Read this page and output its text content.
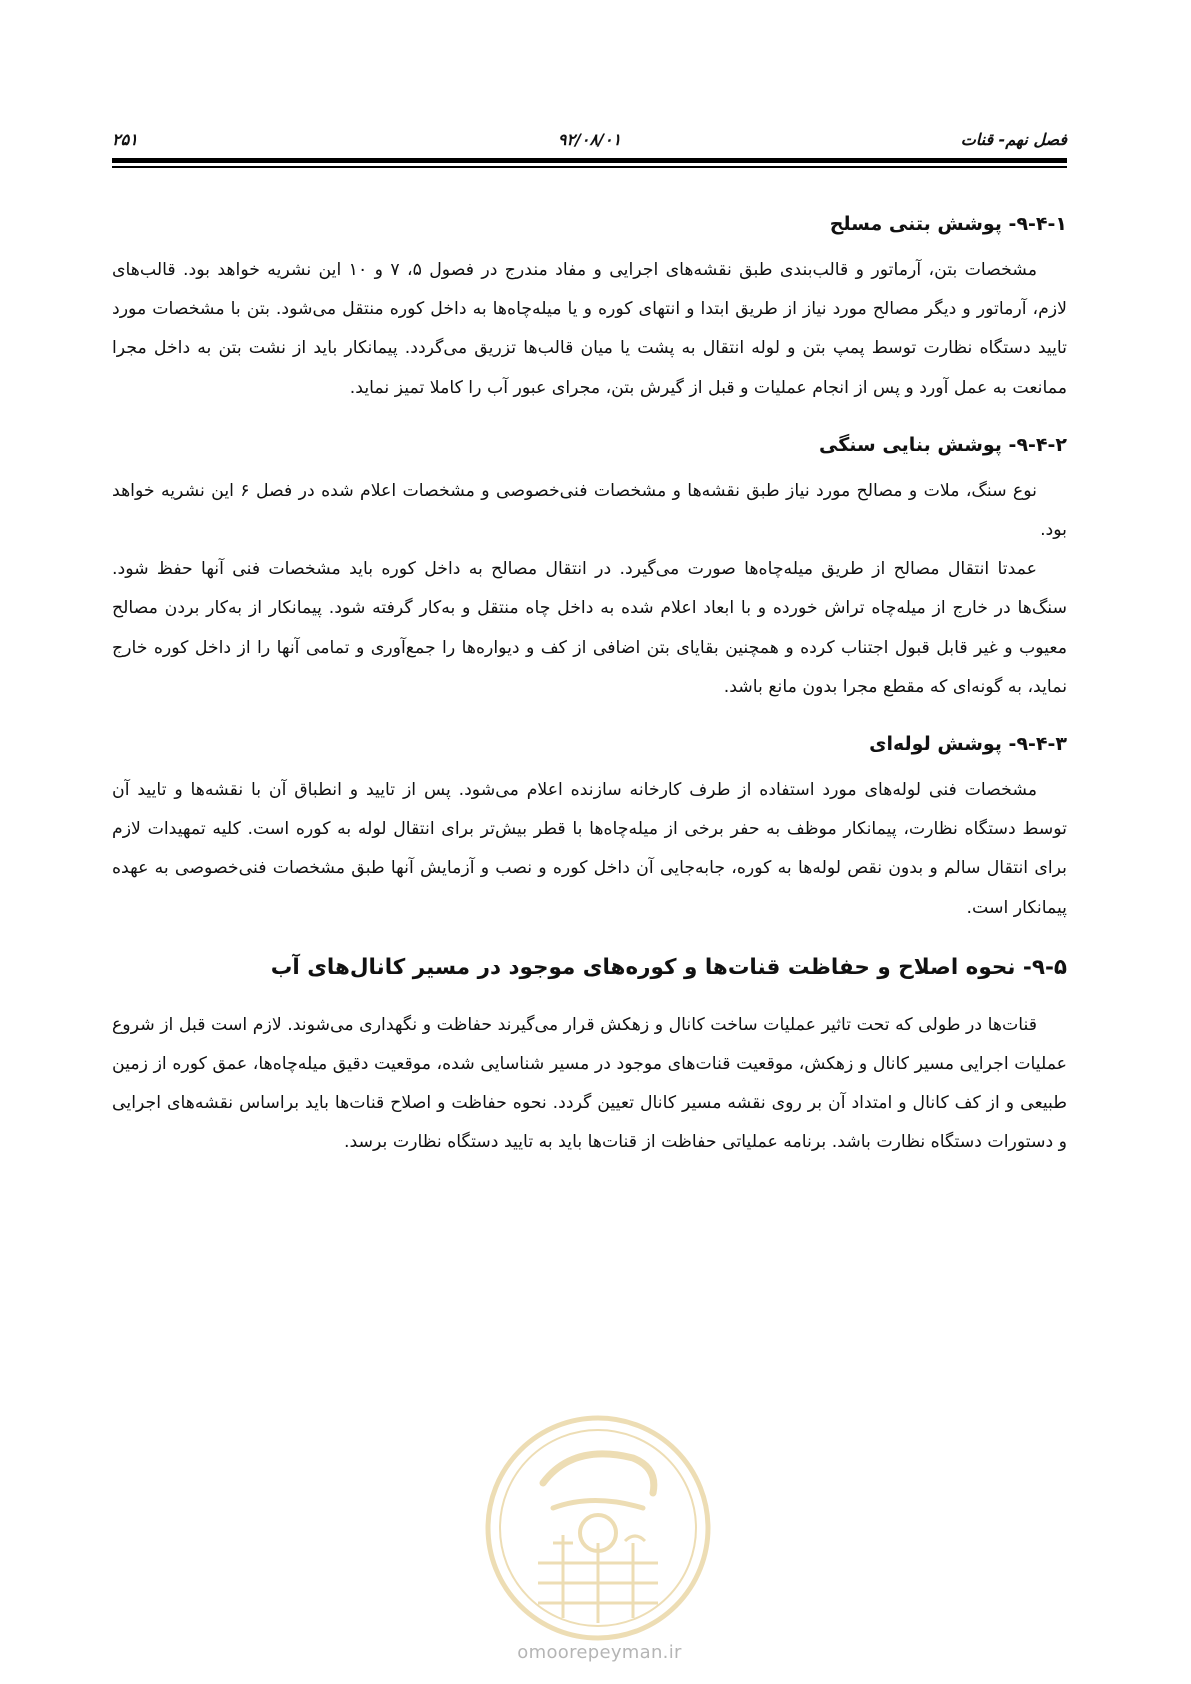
فصل نهم- قنات
۹۲/۰۸/۰۱
۲۵۱
۹-۴-۱- پوشش بتنی مسلح

مشخصات بتن، آرماتور و قالب‌بندی طبق نقشه‌های اجرایی و مفاد مندرج در فصول ۵، ۷ و ۱۰ این نشریه خواهد بود. قالب‌های لازم، آرماتور و دیگر مصالح مورد نیاز از طریق ابتدا و انتهای کوره و یا میله‌چاه‌ها به داخل کوره منتقل می‌شود. بتن با مشخصات مورد تایید دستگاه نظارت توسط پمپ بتن و لوله انتقال به پشت یا میان قالب‌ها تزریق می‌گردد. پیمانکار باید از نشت بتن به داخل مجرا ممانعت به عمل آورد و پس از انجام عملیات و قبل از گیرش بتن، مجرای عبور آب را کاملا تمیز نماید.

۹-۴-۲- پوشش بنایی سنگی

نوع سنگ، ملات و مصالح مورد نیاز طبق نقشه‌ها و مشخصات فنی‌خصوصی و مشخصات اعلام شده در فصل ۶ این نشریه خواهد بود.

عمدتا انتقال مصالح از طریق میله‌چاه‌ها صورت می‌گیرد. در انتقال مصالح به داخل کوره باید مشخصات فنی آنها حفظ شود. سنگ‌ها در خارج از میله‌چاه تراش خورده و با ابعاد اعلام شده به داخل چاه منتقل و به‌کار گرفته شود. پیمانکار از به‌کار بردن مصالح معیوب و غیر قابل قبول اجتناب کرده و همچنین بقایای بتن اضافی از کف و دیواره‌ها را جمع‌آوری و تمامی آنها را از داخل کوره خارج نماید، به گونه‌ای که مقطع مجرا بدون مانع باشد.

۹-۴-۳- پوشش لوله‌ای

مشخصات فنی لوله‌های مورد استفاده از طرف کارخانه سازنده اعلام می‌شود. پس از تایید و انطباق آن با نقشه‌ها و تایید آن توسط دستگاه نظارت، پیمانکار موظف به حفر برخی از میله‌چاه‌ها با قطر بیش‌تر برای انتقال لوله به کوره است. کلیه تمهیدات لازم برای انتقال سالم و بدون نقص لوله‌ها به کوره، جابه‌جایی آن داخل کوره و نصب و آزمایش آنها طبق مشخصات فنی‌خصوصی به عهده پیمانکار است.

۹-۵- نحوه اصلاح و حفاظت قنات‌ها و کوره‌های موجود در مسیر کانال‌های آب

قنات‌ها در طولی که تحت تاثیر عملیات ساخت کانال و زهکش قرار می‌گیرند حفاظت و نگهداری می‌شوند. لازم است قبل از شروع عملیات اجرایی مسیر کانال و زهکش، موقعیت قنات‌های موجود در مسیر شناسایی شده، موقعیت دقیق میله‌چاه‌ها، عمق کوره از زمین طبیعی و از کف کانال و امتداد آن بر روی نقشه مسیر کانال تعیین گردد. نحوه حفاظت و اصلاح قنات‌ها باید براساس نقشه‌های اجرایی و دستورات دستگاه نظارت باشد. برنامه عملیاتی حفاظت از قنات‌ها باید به تایید دستگاه نظارت برسد.

omoorepeyman.ir
